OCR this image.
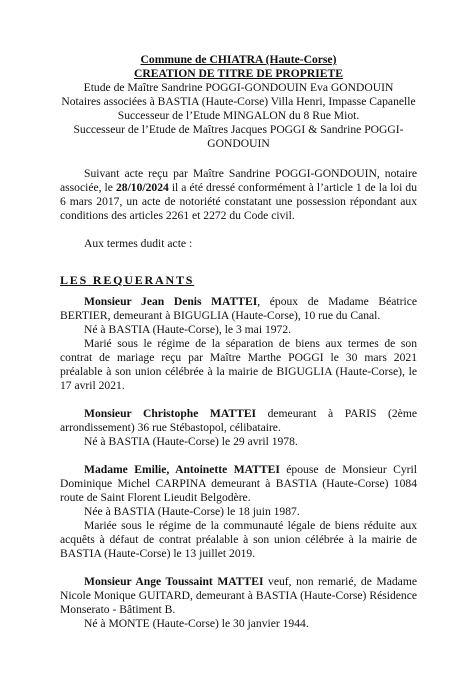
Commune de CHIATRA (Haute-Corse)
CREATION DE TITRE DE PROPRIETE
Etude de Maître Sandrine POGGI-GONDOUIN Eva GONDOUIN
Notaires associées à BASTIA (Haute-Corse) Villa Henri, Impasse Capanelle
Successeur de l’Etude MINGALON du 8 Rue Miot.
Successeur de l’Etude de Maîtres Jacques POGGI & Sandrine POGGI-GONDOUIN

Suivant acte reçu par Maître Sandrine POGGI-GONDOUIN, notaire associée, le 28/10/2024 il a été dressé conformément à l’article 1 de la loi du 6 mars 2017, un acte de notoriété constatant une possession répondant aux conditions des articles 2261 et 2272 du Code civil.

Aux termes dudit acte :

LES REQUERANTS

Monsieur Jean Denis MATTEI, époux de Madame Béatrice BERTIER, demeurant à BIGUGLIA (Haute-Corse), 10 rue du Canal.

Né à BASTIA (Haute-Corse), le 3 mai 1972.

Marié sous le régime de la séparation de biens aux termes de son contrat de mariage reçu par Maître Marthe POGGI le 30 mars 2021 préalable à son union célébrée à la mairie de BIGUGLIA (Haute-Corse), le 17 avril 2021.

Monsieur Christophe MATTEI demeurant à PARIS (2ème arrondissement) 36 rue Stébastopol, célibataire.

Né à BASTIA (Haute-Corse) le 29 avril 1978.

Madame Emilie, Antoinette MATTEI épouse de Monsieur Cyril Dominique Michel CARPINA demeurant à BASTIA (Haute-Corse) 1084 route de Saint Florent Lieudit Belgodère.

Née à BASTIA (Haute-Corse) le 18 juin 1987.

Mariée sous le régime de la communauté légale de biens réduite aux acquêts à défaut de contrat préalable à son union célébrée à la mairie de BASTIA (Haute-Corse) le 13 juillet 2019.

Monsieur Ange Toussaint MATTEI veuf, non remarié, de Madame Nicole Monique GUITARD, demeurant à BASTIA (Haute-Corse) Résidence Monserato - Bâtiment B.

Né à MONTE (Haute-Corse) le 30 janvier 1944.
